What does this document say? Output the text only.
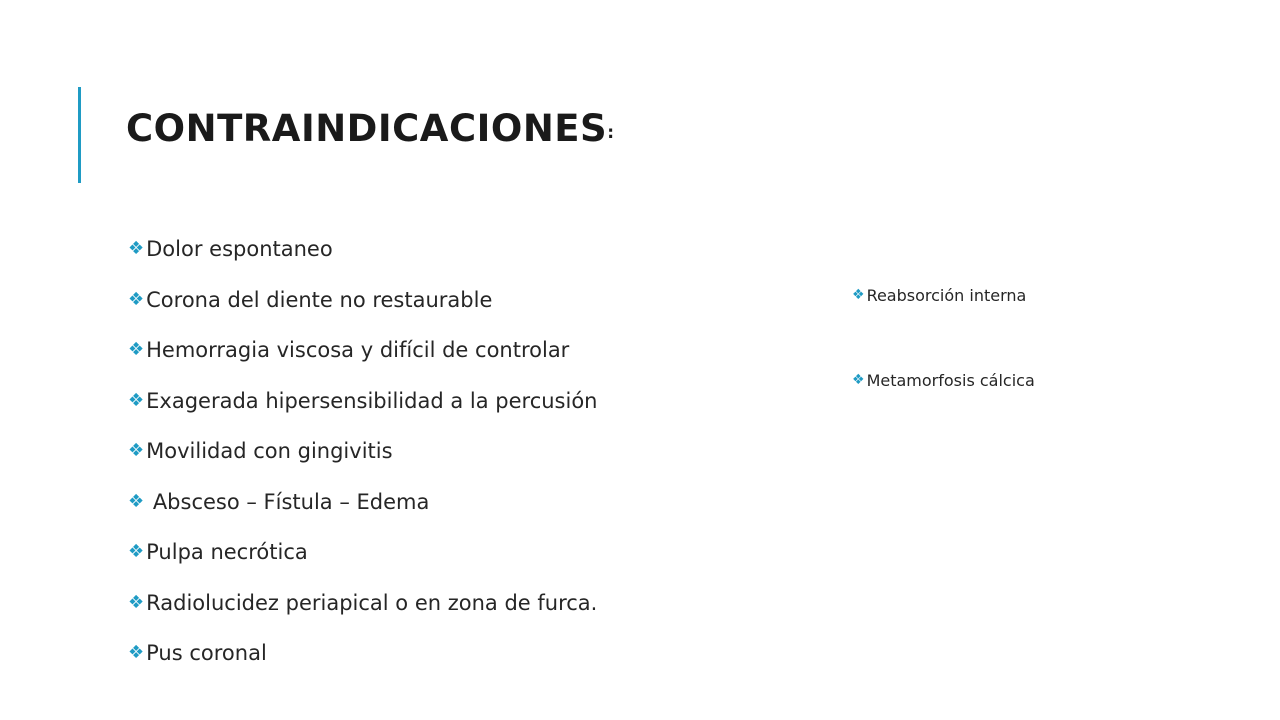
CONTRAINDICACIONES:
❖ Dolor espontaneo
❖ Corona del diente no restaurable
❖ Hemorragia viscosa y difícil de controlar
❖ Exagerada hipersensibilidad a la percusión
❖ Movilidad con gingivitis
❖ Absceso – Fístula – Edema
❖ Pulpa necrótica
❖ Radiolucidez periapical o en zona de furca.
❖ Pus coronal
❖ Reabsorción interna
❖ Metamorfosis cálcica
